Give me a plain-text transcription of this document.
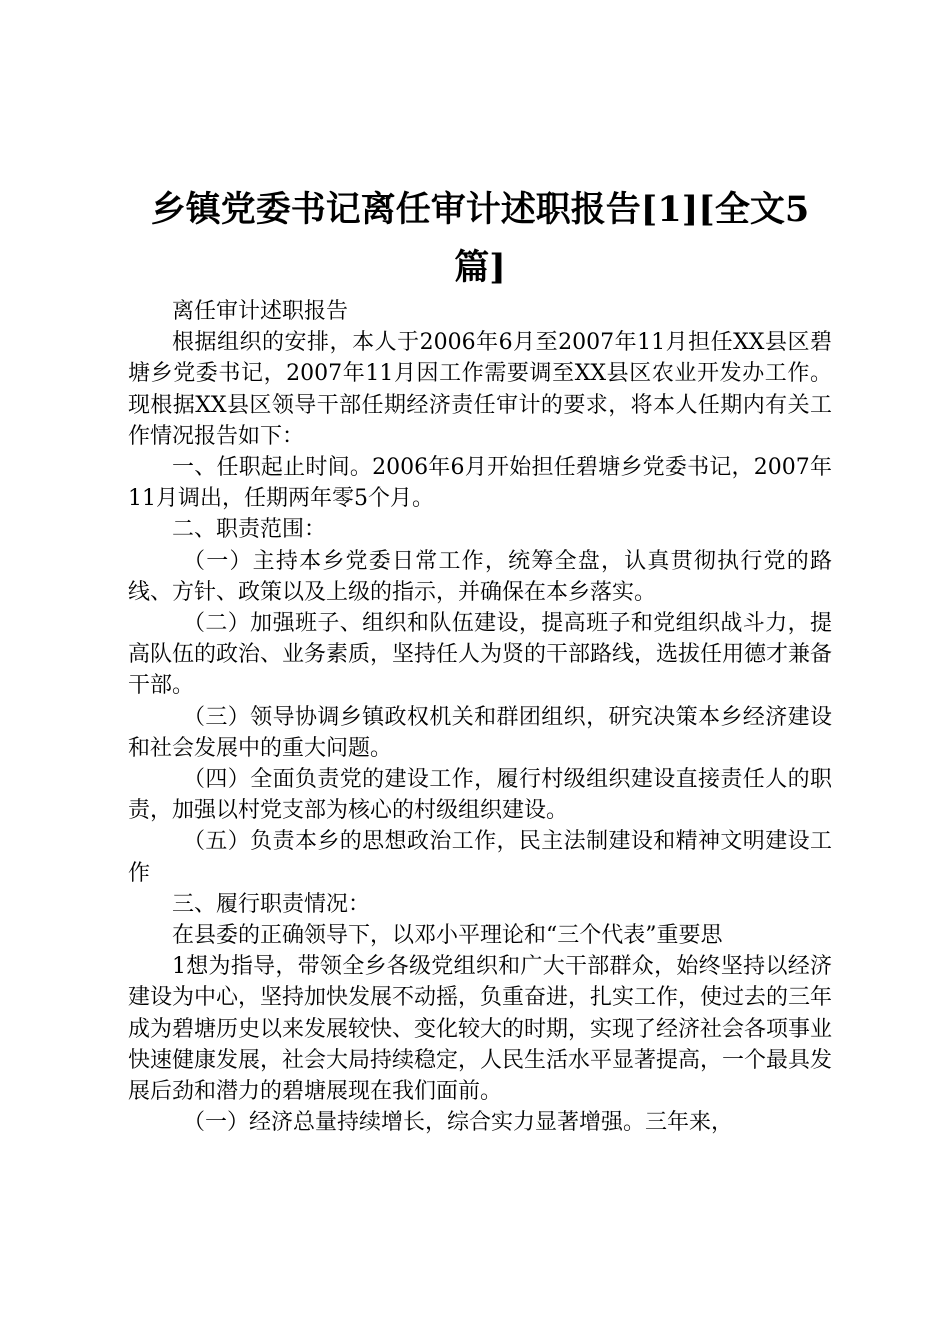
乡镇党委书记离任审计述职报告[1][全文5
篇]

离任审计述职报告

根据组织的安排，本人于2006年6月至2007年11月担任XX县区碧塘乡党委书记，2007年11月因工作需要调至XX县区农业开发办工作。现根据XX县区领导干部任期经济责任审计的要求，将本人任期内有关工作情况报告如下：

一、任职起止时间。2006年6月开始担任碧塘乡党委书记，2007年11月调出，任期两年零5个月。

二、职责范围：

（一）主持本乡党委日常工作，统筹全盘，认真贯彻执行党的路线、方针、政策以及上级的指示，并确保在本乡落实。

（二）加强班子、组织和队伍建设，提高班子和党组织战斗力，提高队伍的政治、业务素质，坚持任人为贤的干部路线，选拔任用德才兼备干部。

（三）领导协调乡镇政权机关和群团组织，研究决策本乡经济建设和社会发展中的重大问题。

（四）全面负责党的建设工作，履行村级组织建设直接责任人的职责，加强以村党支部为核心的村级组织建设。

（五）负责本乡的思想政治工作，民主法制建设和精神文明建设工作

三、履行职责情况：

在县委的正确领导下，以邓小平理论和“三个代表”重要思

1想为指导，带领全乡各级党组织和广大干部群众，始终坚持以经济建设为中心，坚持加快发展不动摇，负重奋进，扎实工作，使过去的三年成为碧塘历史以来发展较快、变化较大的时期，实现了经济社会各项事业快速健康发展，社会大局持续稳定，人民生活水平显著提高，一个最具发展后劲和潜力的碧塘展现在我们面前。

（一）经济总量持续增长，综合实力显著增强。三年来，
